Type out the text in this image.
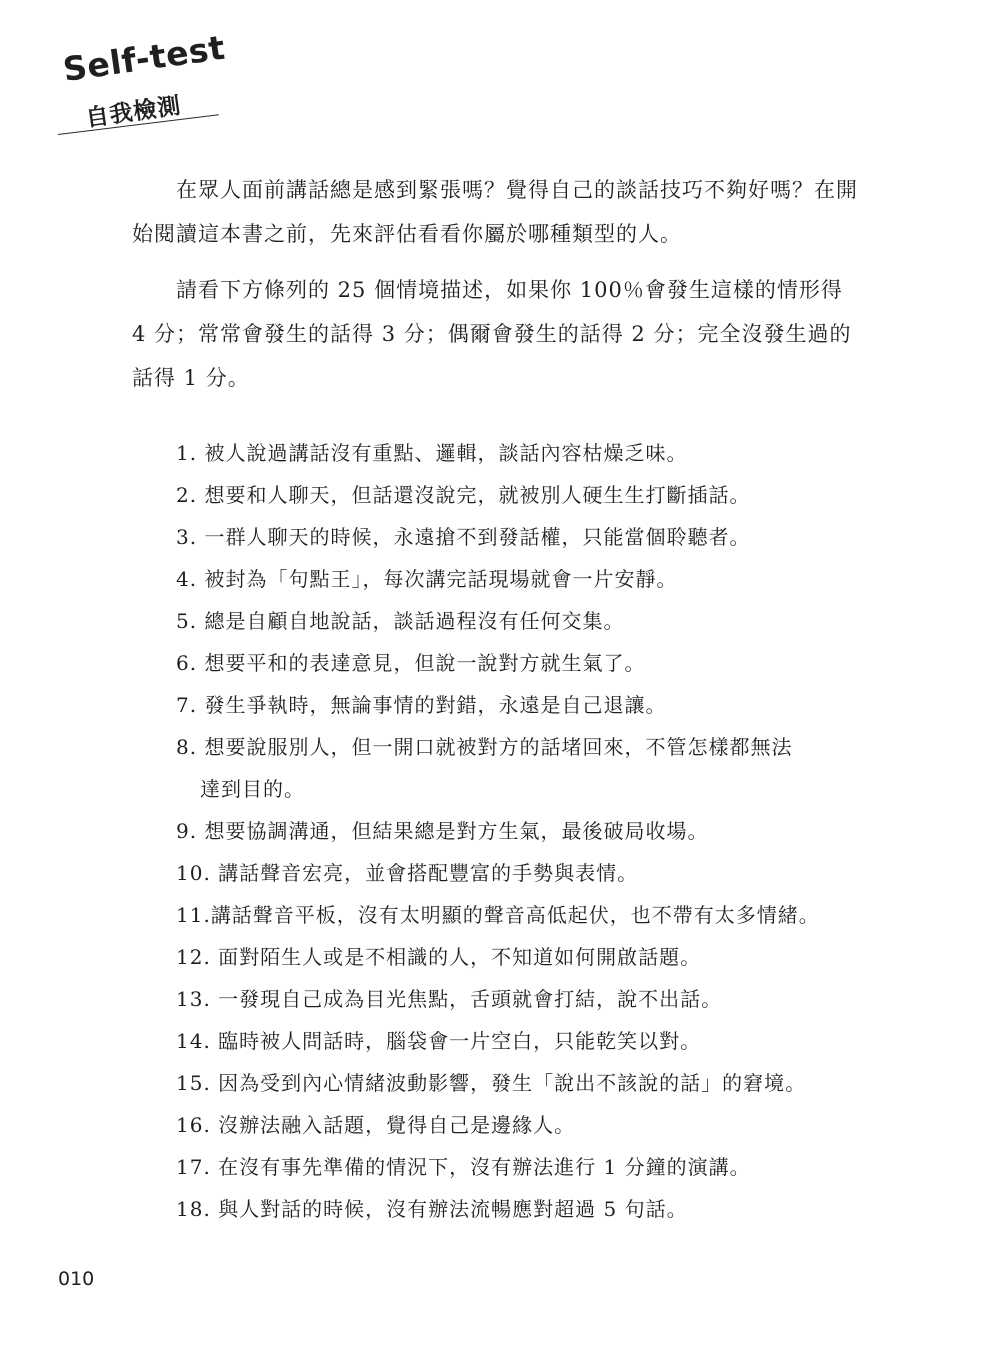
Self-test
自我檢測

在眾人面前講話總是感到緊張嗎？覺得自己的談話技巧不夠好嗎？在開始閱讀這本書之前，先來評估看看你屬於哪種類型的人。

請看下方條列的 25 個情境描述，如果你 100％會發生這樣的情形得 4 分；常常會發生的話得 3 分；偶爾會發生的話得 2 分；完全沒發生過的話得 1 分。

1. 被人說過講話沒有重點、邏輯，談話內容枯燥乏味。
2. 想要和人聊天，但話還沒說完，就被別人硬生生打斷插話。
3. 一群人聊天的時候，永遠搶不到發話權，只能當個聆聽者。
4. 被封為「句點王」，每次講完話現場就會一片安靜。
5. 總是自顧自地說話，談話過程沒有任何交集。
6. 想要平和的表達意見，但說一說對方就生氣了。
7. 發生爭執時，無論事情的對錯，永遠是自己退讓。
8. 想要說服別人，但一開口就被對方的話堵回來，不管怎樣都無法
達到目的。
9. 想要協調溝通，但結果總是對方生氣，最後破局收場。
10. 講話聲音宏亮，並會搭配豐富的手勢與表情。
11.講話聲音平板，沒有太明顯的聲音高低起伏，也不帶有太多情緒。
12. 面對陌生人或是不相識的人，不知道如何開啟話題。
13. 一發現自己成為目光焦點，舌頭就會打結，說不出話。
14. 臨時被人問話時，腦袋會一片空白，只能乾笑以對。
15. 因為受到內心情緒波動影響，發生「說出不該說的話」的窘境。
16. 沒辦法融入話題，覺得自己是邊緣人。
17. 在沒有事先準備的情況下，沒有辦法進行 1 分鐘的演講。
18. 與人對話的時候，沒有辦法流暢應對超過 5 句話。
010
